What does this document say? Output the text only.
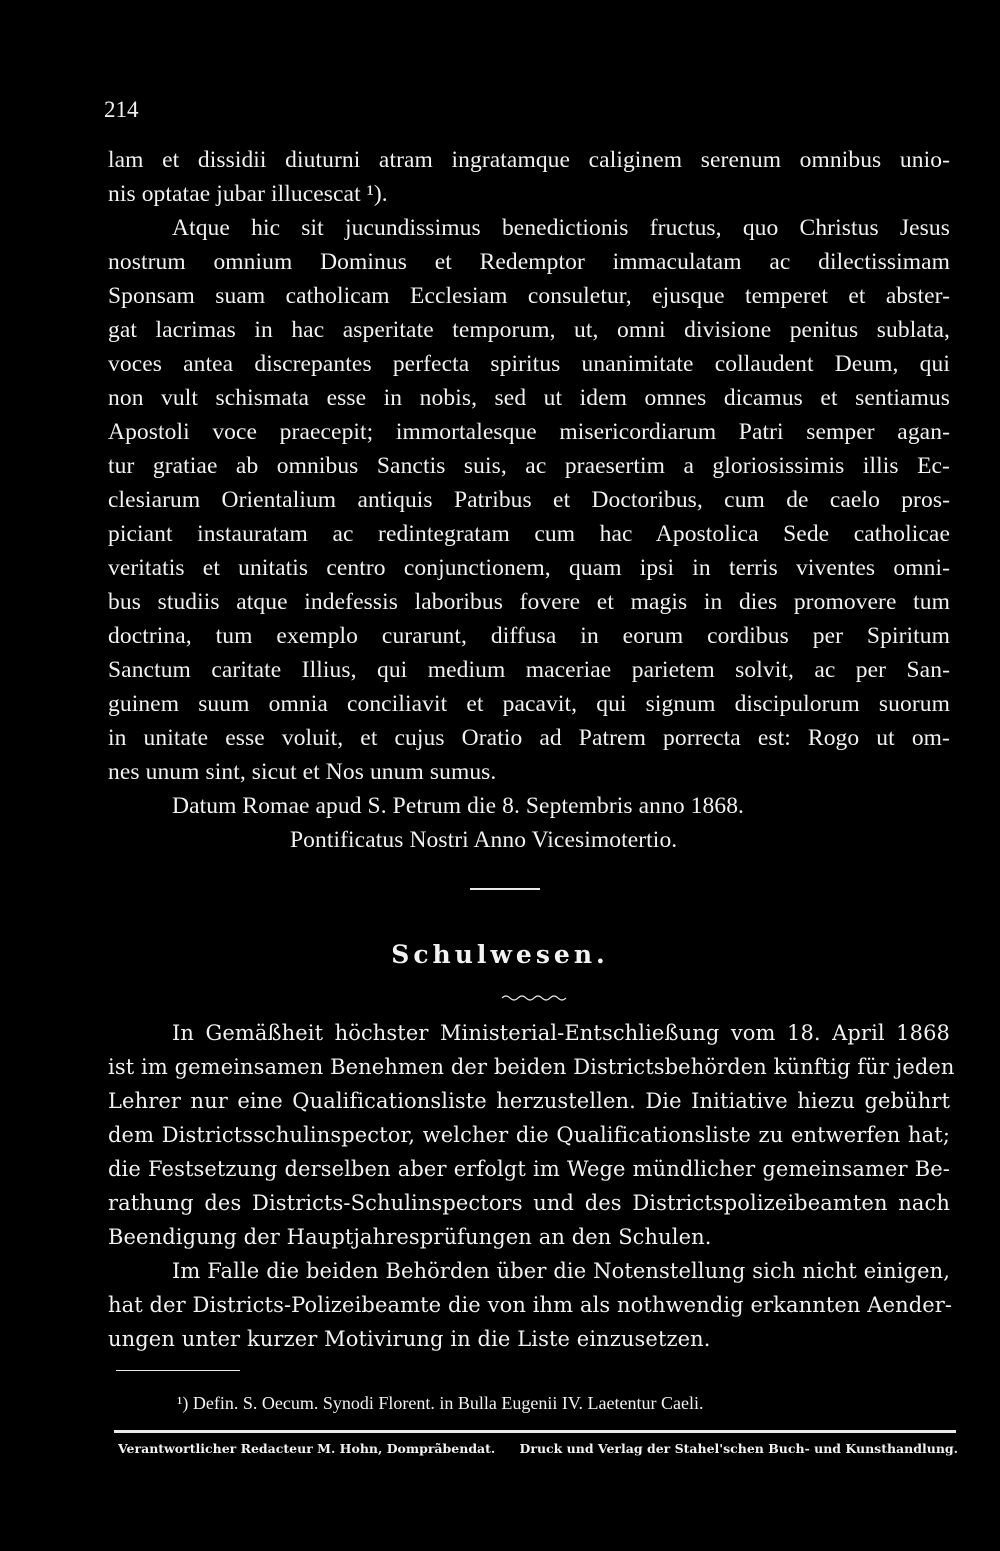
214
lam et dissidii diuturni atram ingratamque caliginem serenum omnibus unio-
nis optatae jubar illucescat ¹).
Atque hic sit jucundissimus benedictionis fructus, quo Christus Jesus
nostrum omnium Dominus et Redemptor immaculatam ac dilectissimam
Sponsam suam catholicam Ecclesiam consuletur, ejusque temperet et abster-
gat lacrimas in hac asperitate temporum, ut, omni divisione penitus sublata,
voces antea discrepantes perfecta spiritus unanimitate collaudent Deum, qui
non vult schismata esse in nobis, sed ut idem omnes dicamus et sentiamus
Apostoli voce praecepit; immortalesque misericordiarum Patri semper agan-
tur gratiae ab omnibus Sanctis suis, ac praesertim a gloriosissimis illis Ec-
clesiarum Orientalium antiquis Patribus et Doctoribus, cum de caelo pros-
piciant instauratam ac redintegratam cum hac Apostolica Sede catholicae
veritatis et unitatis centro conjunctionem, quam ipsi in terris viventes omni-
bus studiis atque indefessis laboribus fovere et magis in dies promovere tum
doctrina, tum exemplo curarunt, diffusa in eorum cordibus per Spiritum
Sanctum caritate Illius, qui medium maceriae parietem solvit, ac per San-
guinem suum omnia conciliavit et pacavit, qui signum discipulorum suorum
in unitate esse voluit, et cujus Oratio ad Patrem porrecta est: Rogo ut om-
nes unum sint, sicut et Nos unum sumus.
Datum Romae apud S. Petrum die 8. Septembris anno 1868.
Pontificatus Nostri Anno Vicesimotertio.
Schulwesen.
In Gemäßheit höchster Ministerial-Entschließung vom 18. April 1868
ist im gemeinsamen Benehmen der beiden Districtsbehörden künftig für jeden
Lehrer nur eine Qualificationsliste herzustellen. Die Initiative hiezu gebührt
dem Districtsschulinspector, welcher die Qualificationsliste zu entwerfen hat;
die Festsetzung derselben aber erfolgt im Wege mündlicher gemeinsamer Be-
rathung des Districts-Schulinspectors und des Districtspolizeibeamten nach
Beendigung der Hauptjahresprüfungen an den Schulen.
Im Falle die beiden Behörden über die Notenstellung sich nicht einigen,
hat der Districts-Polizeibeamte die von ihm als nothwendig erkannten Aender-
ungen unter kurzer Motivirung in die Liste einzusetzen.
¹) Defin. S. Oecum. Synodi Florent. in Bulla Eugenii IV. Laetentur Caeli.
Verantwortlicher Redacteur M. Hohn, Domprãbendat. Druck und Verlag der Stahel'schen Buch- und Kunsthandlung.
